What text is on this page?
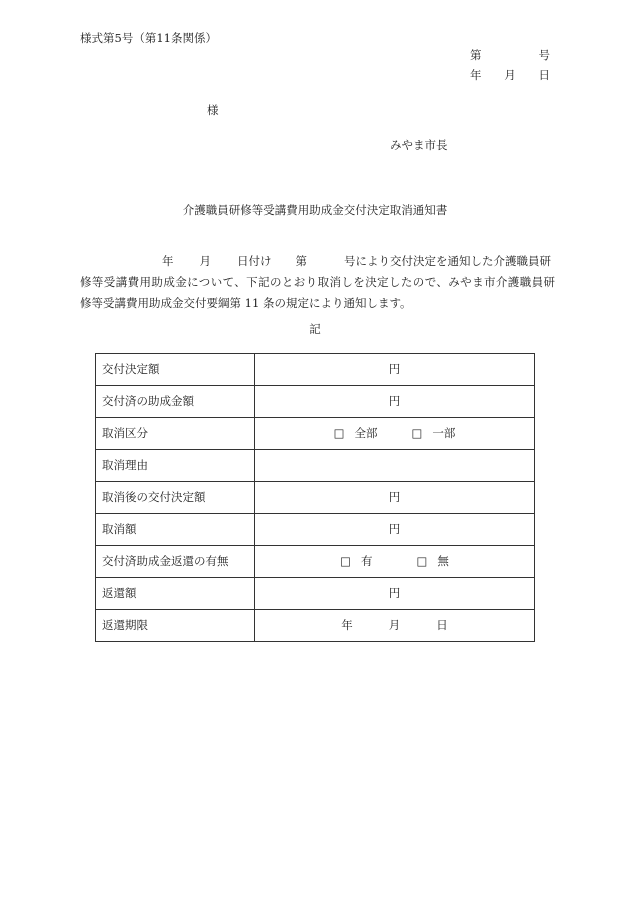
様式第5号（第11条関係）
第	号
年 月 日
様
みやま市長
介護職員研修等受講費用助成金交付決定取消通知書
年 月 日付け 第	号により交付決定を通知した介護職員研
修等受講費用助成金について、下記のとおり取消しを決定したので、みやま市介護職員研
修等受講費用助成金交付要綱第 11 条の規定により通知します。
記
交付決定額	円
交付済の助成金額	円
取消区分	□ 全部 □ 一部
取消理由	
取消後の交付決定額	円
取消額	円
交付済助成金返還の有無	□ 有 □ 無
返還額	円
返還期限	年 月 日
